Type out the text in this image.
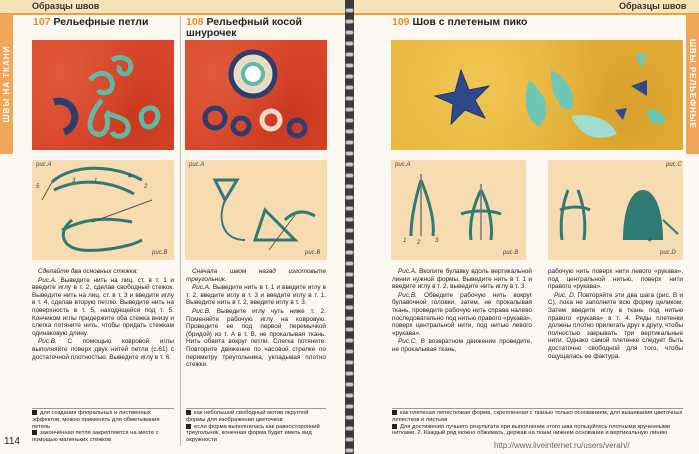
Образцы швов
ШВЫ НА ТКАНИ
107 Рельефные петли
рис.A
5
3	1
4
2
рис.B

Сделайте два основных стежка:

Рис.A. Выведите нить на лиц. ст. в т. 1 и введите иглу в т. 2, сделав свободный стежок. Выведите нить на лиц. ст. в т. 3 и введите иглу в т. 4, сделав вторую петлю. Выведите нить на поверхность в т. 5, находящейся под т. 5. Кончиком иглы придержите оба стежка внизу и слегка потяните нить, чтобы придать стежкам одинаковую длину.

Рис.B. С помощью ковровой иглы выполняйте поверх двух нитей петли (с.61) с достаточной плотностью. Выведите иглу в т. 6.

для создания флоральных и лиственных эффектов; можно применять для обметывания петель
закончённая петля закрепляется на месте с помощью маленьких стежков
108 Рельефный косой
шнурочек
рис.A
рис.B

Сначала швом назад изготовьте треугольник.

Рис.A. Выведите нить в т. 1 и введите иглу в т. 2, введите иглу в т. 3 и введите иглу в т. 1. Выведите нить в т. 2, введите иглу в т. 3.

Рис.B. Выведите иглу чуть ниже т. 2. Поменяйте рабочую иглу на ковровую. Проведите ее под первой перемычкой (бридой) из т. A в т. B, не прокалывая ткань. Нить обвита вокруг петли. Слегка потяните. Повторите движение по часовой стрелке по периметру треугольника, укладывая плотно стежки.

как небольшой свободный мотив округлой формы для изображения цветочков
если форма выполнялась как равносторонний треугольник, конечная форма будет иметь вид окружности
114
Образцы швов
ШВЫ РЕЛЬЕФНЫЕ
109 Шов с плетеным пико
рис.A
1 2 3
рис.B
рис.C
4
рис.D

Рис.A. Вколите булавку вдоль вертикальной линии нужной формы. Выведите нить в т. 1 и введите иглу в т. 2, выведите нить иглу в т. 3.

Рис.B. Обведите рабочую нить вокруг булавочной головки, затем, не прокалывая ткань, проведите рабочую нить справа налево последовательно под нитью правого «рукава», поверх центральной нити, под нитью левого «рукава».

Рис.C. В возвратном движении проведите, не прокалывая ткань,

рабочую нить поверх нити левого «рукава», под центральной нитью, поверх нити правого «рукава».

Рис. D. Повторяйте эти два шага (рис. B и C), пока не заполните всю форму целиком. Затем введите иглу в ткань под нитью правого «рукава» в т. 4. Ряды плетенки должны плотно прилегать друг к другу, чтобы полностью закрывать три вертикальные нити. Однако самой плетенке следует быть достаточно свободной для того, чтобы ощущалась ее фактура.

как плетеная лепестковая форма, скрепленная с тканью только основанием, для вышивания цветочных лепестков и листьев
Для достижения лучшего результата при выполнении этого шва пользуйтесь плотными крученными нитками. 2. Каждый ряд можно обжимать, держав на ткани нижнем основании и вертикальную линию
http://www.liveinternet.ru/users/verah//
